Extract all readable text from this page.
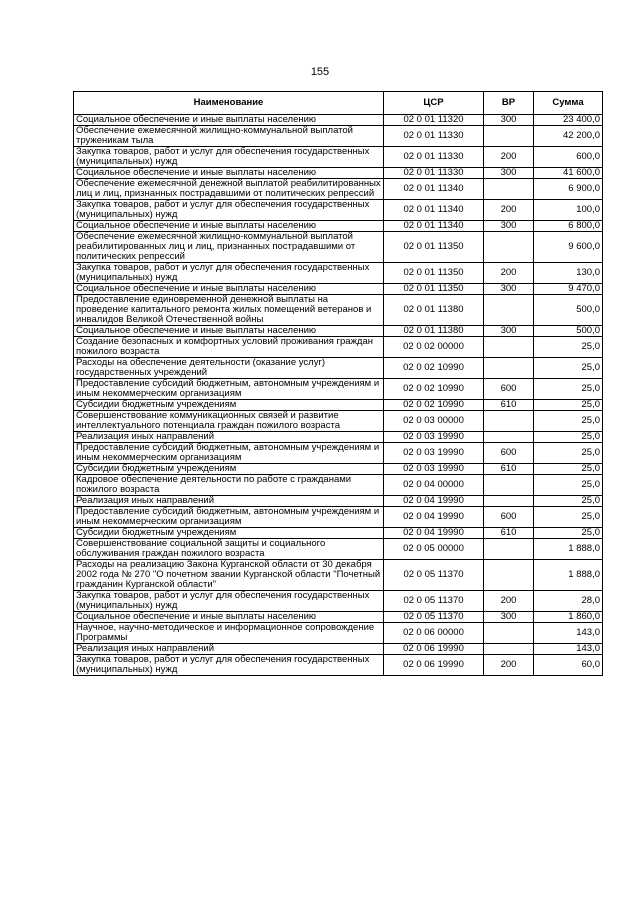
155
Наименование	ЦСР	ВР	Сумма
Социальное обеспечение и иные выплаты населению	02 0 01 11320	300	23 400,0
Обеспечение ежемесячной жилищно-коммунальной выплатой труженикам тыла	02 0 01 11330		42 200,0
Закупка товаров, работ и услуг для обеспечения государственных (муниципальных) нужд	02 0 01 11330	200	600,0
Социальное обеспечение и иные выплаты населению	02 0 01 11330	300	41 600,0
Обеспечение ежемесячной денежной выплатой реабилитированных лиц и лиц, признанных пострадавшими от политических репрессий	02 0 01 11340		6 900,0
Закупка товаров, работ и услуг для обеспечения государственных (муниципальных) нужд	02 0 01 11340	200	100,0
Социальное обеспечение и иные выплаты населению	02 0 01 11340	300	6 800,0
Обеспечение ежемесячной жилищно-коммунальной выплатой реабилитированных лиц и лиц, признанных пострадавшими от политических репрессий	02 0 01 11350		9 600,0
Закупка товаров, работ и услуг для обеспечения государственных (муниципальных) нужд	02 0 01 11350	200	130,0
Социальное обеспечение и иные выплаты населению	02 0 01 11350	300	9 470,0
Предоставление единовременной денежной выплаты на проведение капитального ремонта жилых помещений ветеранов и инвалидов Великой Отечественной войны	02 0 01 11380		500,0
Социальное обеспечение и иные выплаты населению	02 0 01 11380	300	500,0
Создание безопасных и комфортных условий проживания граждан пожилого возраста	02 0 02 00000		25,0
Расходы на обеспечение деятельности (оказание услуг) государственных учреждений	02 0 02 10990		25,0
Предоставление субсидий бюджетным, автономным учреждениям и иным некоммерческим организациям	02 0 02 10990	600	25,0
Субсидии бюджетным учреждениям	02 0 02 10990	610	25,0
Совершенствование коммуникационных связей и развитие интеллектуального потенциала граждан пожилого возраста	02 0 03 00000		25,0
Реализация иных направлений	02 0 03 19990		25,0
Предоставление субсидий бюджетным, автономным учреждениям и иным некоммерческим организациям	02 0 03 19990	600	25,0
Субсидии бюджетным учреждениям	02 0 03 19990	610	25,0
Кадровое обеспечение деятельности по работе с гражданами пожилого возраста	02 0 04 00000		25,0
Реализация иных направлений	02 0 04 19990		25,0
Предоставление субсидий бюджетным, автономным учреждениям и иным некоммерческим организациям	02 0 04 19990	600	25,0
Субсидии бюджетным учреждениям	02 0 04 19990	610	25,0
Совершенствование социальной защиты и социального обслуживания граждан пожилого возраста	02 0 05 00000		1 888,0
Расходы на реализацию Закона Курганской области от 30 декабря 2002 года № 270 "О почетном звании Курганской области "Почетный гражданин Курганской области"	02 0 05 11370		1 888,0
Закупка товаров, работ и услуг для обеспечения государственных (муниципальных) нужд	02 0 05 11370	200	28,0
Социальное обеспечение и иные выплаты населению	02 0 05 11370	300	1 860,0
Научное, научно-методическое и информационное сопровождение Программы	02 0 06 00000		143,0
Реализация иных направлений	02 0 06 19990		143,0
Закупка товаров, работ и услуг для обеспечения государственных (муниципальных) нужд	02 0 06 19990	200	60,0
